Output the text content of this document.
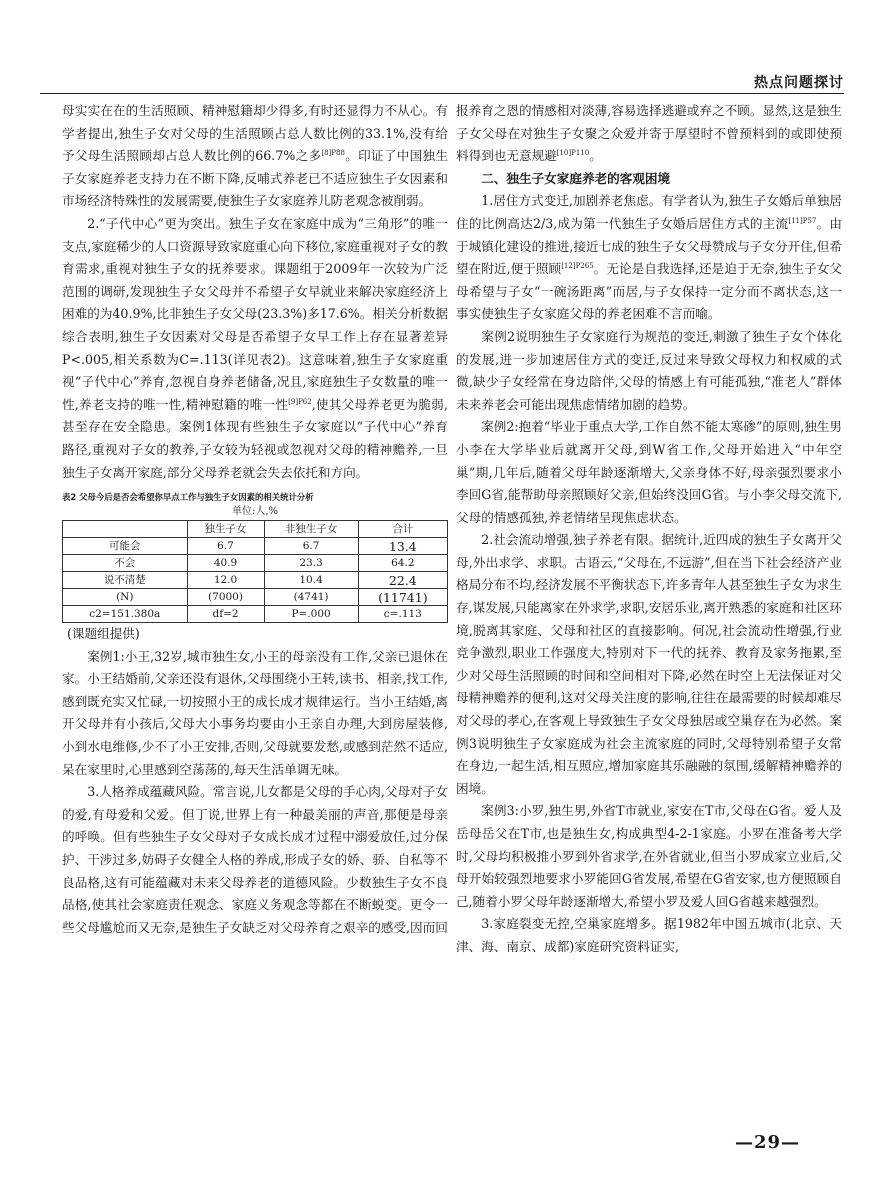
热点问题探讨

母实实在在的生活照顾、精神慰籍却少得多,有时还显得力不从心。有学者提出,独生子女对父母的生活照顾占总人数比例的33.1%,没有给予父母生活照顾却占总人数比例的66.7%之多$^{[8]P88}$。印证了中国独生子女家庭养老支持力在不断下降,反哺式养老已不适应独生子女因素和市场经济特殊性的发展需要,使独生子女家庭养儿防老观念被削弱。

2.“子代中心”更为突出。独生子女在家庭中成为“三角形”的唯一支点,家庭稀少的人口资源导致家庭重心向下移位,家庭重视对子女的教育需求,重视对独生子女的抚养要求。课题组于2009年一次较为广泛范围的调研,发现独生子女父母并不希望子女早就业来解决家庭经济上困难的为40.9%,比非独生子女父母(23.3%)多17.6%。相关分析数据综合表明,独生子女因素对父母是否希望子女早工作上存在显著差异P<.005,相关系数为C=.113(详见表2)。这意味着,独生子女家庭重视“子代中心”养育,忽视自身养老储备,况且,家庭独生子女数量的唯一性,养老支持的唯一性,精神慰籍的唯一性$^{[9]P62}$,使其父母养老更为脆弱,甚至存在安全隐患。案例1体现有些独生子女家庭以“子代中心”养育路径,重视对子女的教养,子女较为轻视或忽视对父母的精神赡养,一旦独生子女离开家庭,部分父母养老就会失去依托和方向。

表2 父母今后是否会希望你早点工作与独生子女因素的相关统计分析
单位:人,%
	独生子女	非独生子女	合计
可能会	6.7	6.7	13.4
不会	40.9	23.3	64.2
说不清楚	12.0	10.4	22.4
(N)	(7000)	(4741)	(11741)
c2=151.380a	df=2	P=.000	c=.113
(课题组提供)

案例1:小王,32岁,城市独生女,小王的母亲没有工作,父亲已退休在家。小王结婚前,父亲还没有退休,父母围绕小王转,读书、相亲,找工作,感到既充实又忙碌,一切按照小王的成长成才规律运行。当小王结婚,离开父母并有小孩后,父母大小事务均要由小王亲自办理,大到房屋装修,小到水电维修,少不了小王安排,否则,父母就要发愁,或感到茫然不适应,呆在家里时,心里感到空荡荡的,每天生活单调无味。

3.人格养成蕴藏风险。常言说,儿女都是父母的手心肉,父母对子女的爱,有母爱和父爱。但丁说,世界上有一种最美丽的声音,那便是母亲的呼唤。但有些独生子女父母对子女成长成才过程中溺爱放任,过分保护、干涉过多,妨碍子女健全人格的养成,形成子女的娇、骄、自私等不良品格,这有可能蕴藏对未来父母养老的道德风险。少数独生子女不良品格,使其社会家庭责任观念、家庭义务观念等都在不断蜕变。更令一些父母尴尬而又无奈,是独生子女缺乏对父母养育之艰辛的感受,因而回

报养育之恩的情感相对淡薄,容易选择逃避或弃之不顾。显然,这是独生子女父母在对独生子女聚之众爱并寄于厚望时不曾预料到的或即使预料得到也无意规避$^{[10]P110}$。

二、独生子女家庭养老的客观困境

1.居住方式变迁,加剧养老焦虑。有学者认为,独生子女婚后单独居住的比例高达2/3,成为第一代独生子女婚后居住方式的主流$^{[11]P57}$。由于城镇化建设的推进,接近七成的独生子女父母赞成与子女分开住,但希望在附近,便于照顾$^{[12]P265}$。无论是自我选择,还是迫于无奈,独生子女父母希望与子女“一碗汤距离”而居,与子女保持一定分而不离状态,这一事实使独生子女家庭父母的养老困难不言而喻。

案例2说明独生子女家庭行为规范的变迁,刺激了独生子女个体化的发展,进一步加速居住方式的变迁,反过来导致父母权力和权威的式微,缺少子女经常在身边陪伴,父母的情感上有可能孤独,“准老人”群体未来养老会可能出现焦虑情绪加剧的趋势。

案例2:抱着“毕业于重点大学,工作自然不能太寒碜”的原则,独生男小李在大学毕业后就离开父母,到W省工作,父母开始进入“中年空巢”期,几年后,随着父母年龄逐渐增大,父亲身体不好,母亲强烈要求小李回G省,能帮助母亲照顾好父亲,但始终没回G省。与小李父母交流下,父母的情感孤独,养老情绪呈现焦虑状态。

2.社会流动增强,独子养老有限。据统计,近四成的独生子女离开父母,外出求学、求职。古语云,“父母在,不远游”,但在当下社会经济产业格局分布不均,经济发展不平衡状态下,许多青年人甚至独生子女为求生存,谋发展,只能离家在外求学,求职,安居乐业,离开熟悉的家庭和社区环境,脱离其家庭、父母和社区的直接影响。何况,社会流动性增强,行业竞争激烈,职业工作强度大,特别对下一代的抚养、教育及家务拖累,至少对父母生活照顾的时间和空间相对下降,必然在时空上无法保证对父母精神赡养的便利,这对父母关注度的影响,往往在最需要的时候却难尽对父母的孝心,在客观上导致独生子女父母独居或空巢存在为必然。案例3说明独生子女家庭成为社会主流家庭的同时,父母特别希望子女常在身边,一起生活,相互照应,增加家庭其乐融融的氛围,缓解精神赡养的困境。

案例3:小罗,独生男,外省T市就业,家安在T市,父母在G省。爱人及岳母岳父在T市,也是独生女,构成典型4-2-1家庭。小罗在准备考大学时,父母均积极推小罗到外省求学,在外省就业,但当小罗成家立业后,父母开始较强烈地要求小罗能回G省发展,希望在G省安家,也方便照顾自己,随着小罗父母年龄逐渐增大,希望小罗及爱人回G省越来越强烈。

3.家庭裂变无控,空巢家庭增多。据1982年中国五城市(北京、天津、海、南京、成都)家庭研究资料证实,

—29—
